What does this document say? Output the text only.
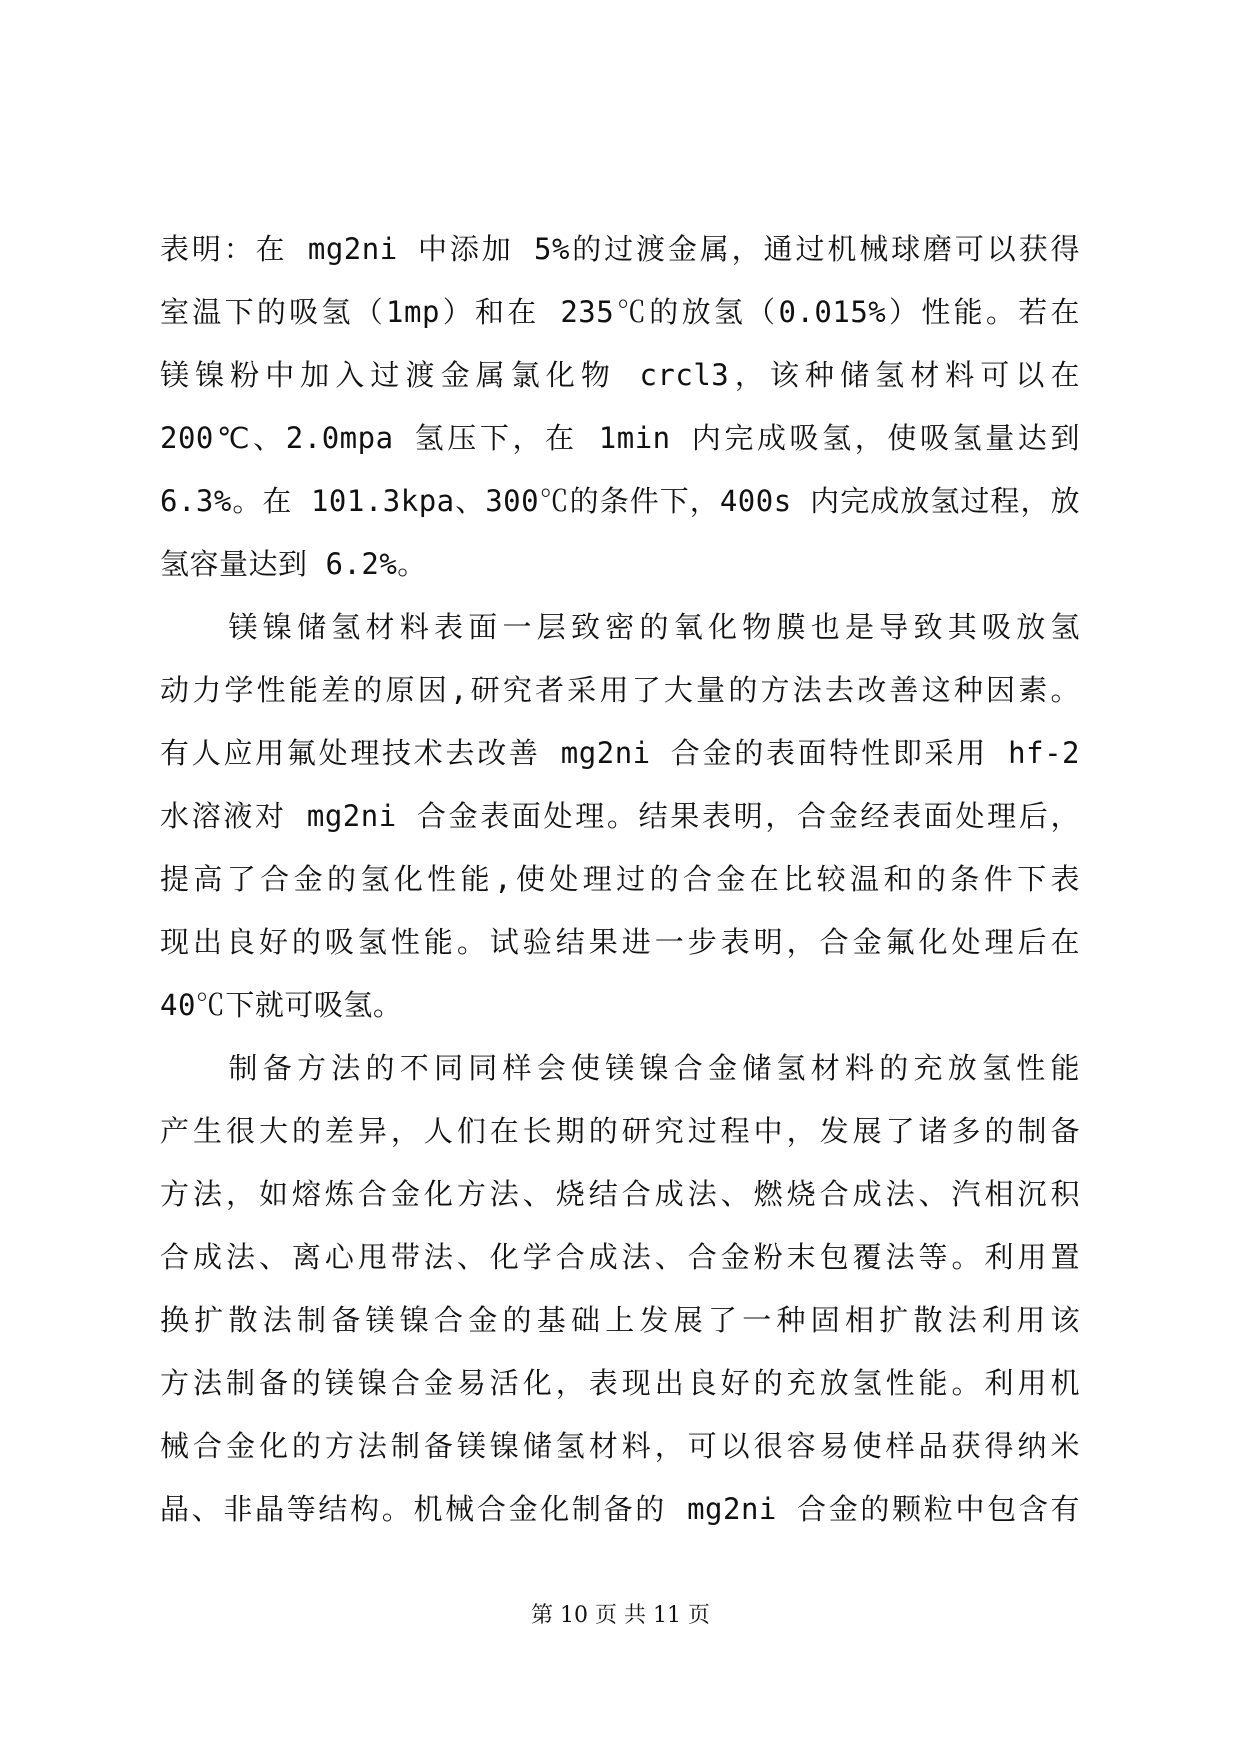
表明：在 mg2ni 中添加 5%的过渡金属，通过机械球磨可以获得
室温下的吸氢（1mp）和在 235℃的放氢（0.015%）性能。若在
镁镍粉中加入过渡金属氯化物 crcl3，该种储氢材料可以在
200℃、2.0mpa 氢压下，在 1min 内完成吸氢，使吸氢量达到
6.3%。在 101.3kpa、300℃的条件下，400s 内完成放氢过程，放
氢容量达到 6.2%。
　　镁镍储氢材料表面一层致密的氧化物膜也是导致其吸放氢
动力学性能差的原因,研究者采用了大量的方法去改善这种因素。
有人应用氟处理技术去改善 mg2ni 合金的表面特性即采用 hf-2
水溶液对 mg2ni 合金表面处理。结果表明，合金经表面处理后，
提高了合金的氢化性能,使处理过的合金在比较温和的条件下表
现出良好的吸氢性能。试验结果进一步表明，合金氟化处理后在
40℃下就可吸氢。
　　制备方法的不同同样会使镁镍合金储氢材料的充放氢性能
产生很大的差异，人们在长期的研究过程中，发展了诸多的制备
方法，如熔炼合金化方法、烧结合成法、燃烧合成法、汽相沉积
合成法、离心甩带法、化学合成法、合金粉末包覆法等。利用置
换扩散法制备镁镍合金的基础上发展了一种固相扩散法利用该
方法制备的镁镍合金易活化，表现出良好的充放氢性能。利用机
械合金化的方法制备镁镍储氢材料，可以很容易使样品获得纳米
晶、非晶等结构。机械合金化制备的 mg2ni 合金的颗粒中包含有
第 10 页 共 11 页
